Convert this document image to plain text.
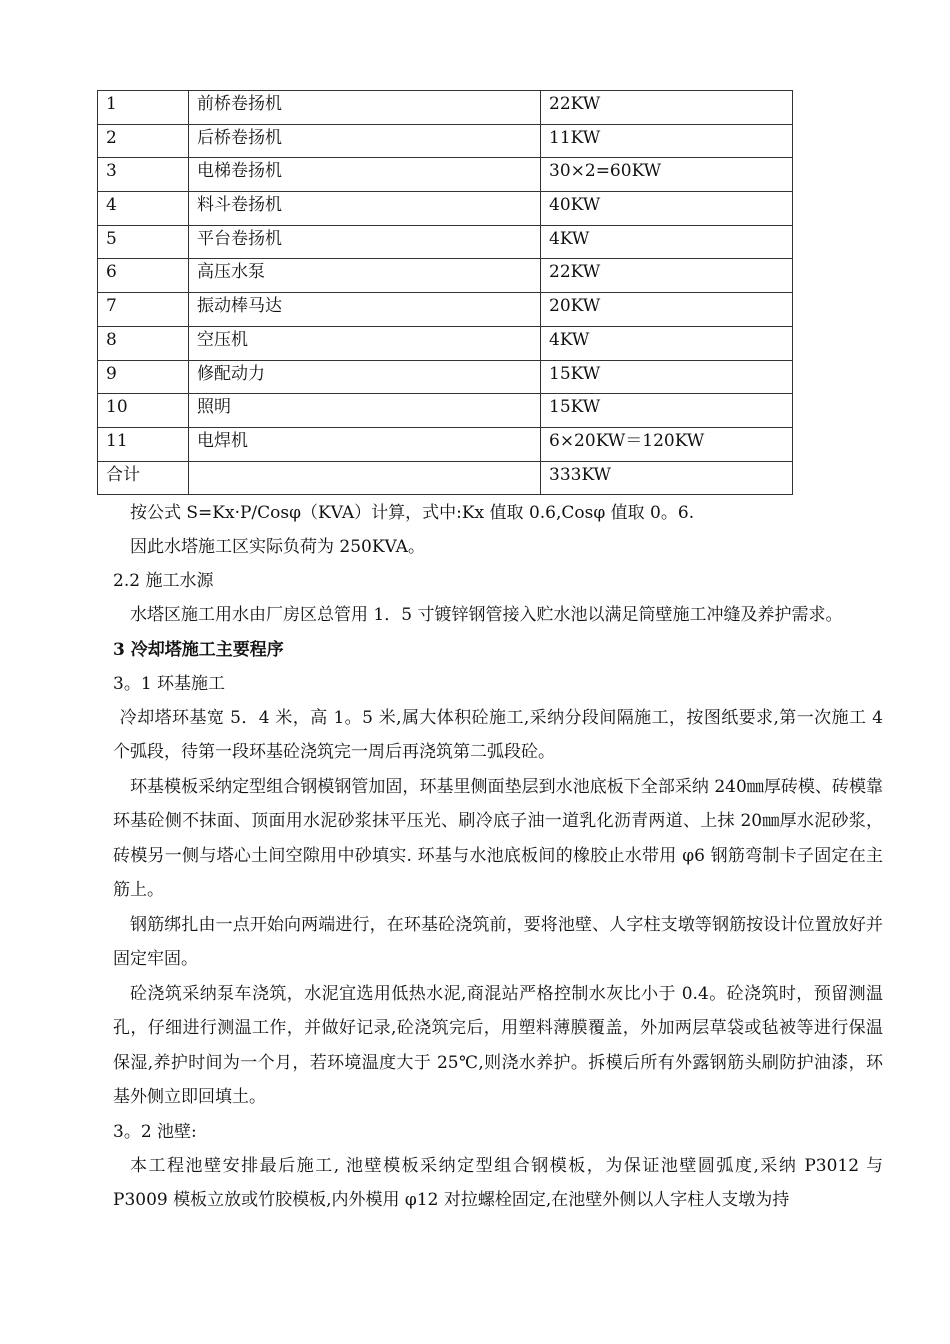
1	前桥卷扬机	22KW
2	后桥卷扬机	11KW
3	电梯卷扬机	30×2=60KW
4	料斗卷扬机	40KW
5	平台卷扬机	4KW
6	高压水泵	22KW
7	振动棒马达	20KW
8	空压机	4KW
9	修配动力	15KW
10	照明	15KW
11	电焊机	6×20KW＝120KW
合计		333KW
按公式 S=Kx·P/Cosφ（KVA）计算，式中:Kx 值取 0.6,Cosφ 值取 0。6.
因此水塔施工区实际负荷为 250KVA。
2.2 施工水源

水塔区施工用水由厂房区总管用 1．5 寸镀锌钢管接入贮水池以满足筒壁施工冲缝及养护需求。

3 冷却塔施工主要程序
3。1 环基施工

冷却塔环基宽 5．4 米，高 1。5 米,属大体积砼施工,采纳分段间隔施工，按图纸要求,第一次施工 4 个弧段，待第一段环基砼浇筑完一周后再浇筑第二弧段砼。

环基模板采纳定型组合钢模钢管加固，环基里侧面垫层到水池底板下全部采纳 240㎜厚砖模、砖模靠环基砼侧不抹面、顶面用水泥砂浆抹平压光、刷冷底子油一道乳化沥青两道、上抹 20㎜厚水泥砂浆，砖模另一侧与塔心土间空隙用中砂填实. 环基与水池底板间的橡胶止水带用 φ6 钢筋弯制卡子固定在主筋上。

钢筋绑扎由一点开始向两端进行，在环基砼浇筑前，要将池壁、人字柱支墩等钢筋按设计位置放好并固定牢固。

砼浇筑采纳泵车浇筑，水泥宜选用低热水泥,商混站严格控制水灰比小于 0.4。砼浇筑时，预留测温孔，仔细进行测温工作，并做好记录,砼浇筑完后，用塑料薄膜覆盖，外加两层草袋或毡被等进行保温保湿,养护时间为一个月，若环境温度大于 25℃,则浇水养护。拆模后所有外露钢筋头刷防护油漆，环基外侧立即回填土。

3。2 池壁:

本工程池壁安排最后施工, 池壁模板采纳定型组合钢模板，为保证池壁圆弧度,采纳 P3012 与 P3009 模板立放或竹胶模板,内外模用 φ12 对拉螺栓固定,在池壁外侧以人字柱人支墩为持
